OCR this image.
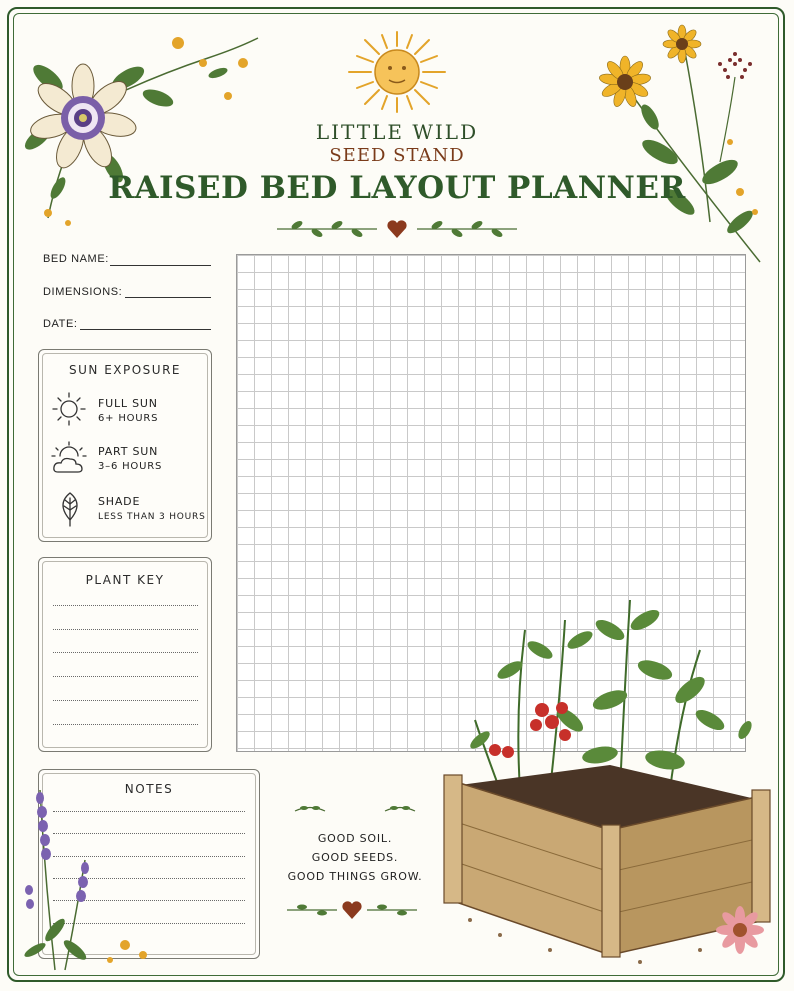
LITTLE WILD
SEED STAND
RAISED BED LAYOUT PLANNER
BED NAME:
DIMENSIONS:
DATE:
SUN EXPOSURE
FULL SUN
6+ HOURS
PART SUN
3–6 HOURS
SHADE
LESS THAN 3 HOURS
PLANT KEY
NOTES
GOOD SOIL.
GOOD SEEDS.
GOOD THINGS GROW.
